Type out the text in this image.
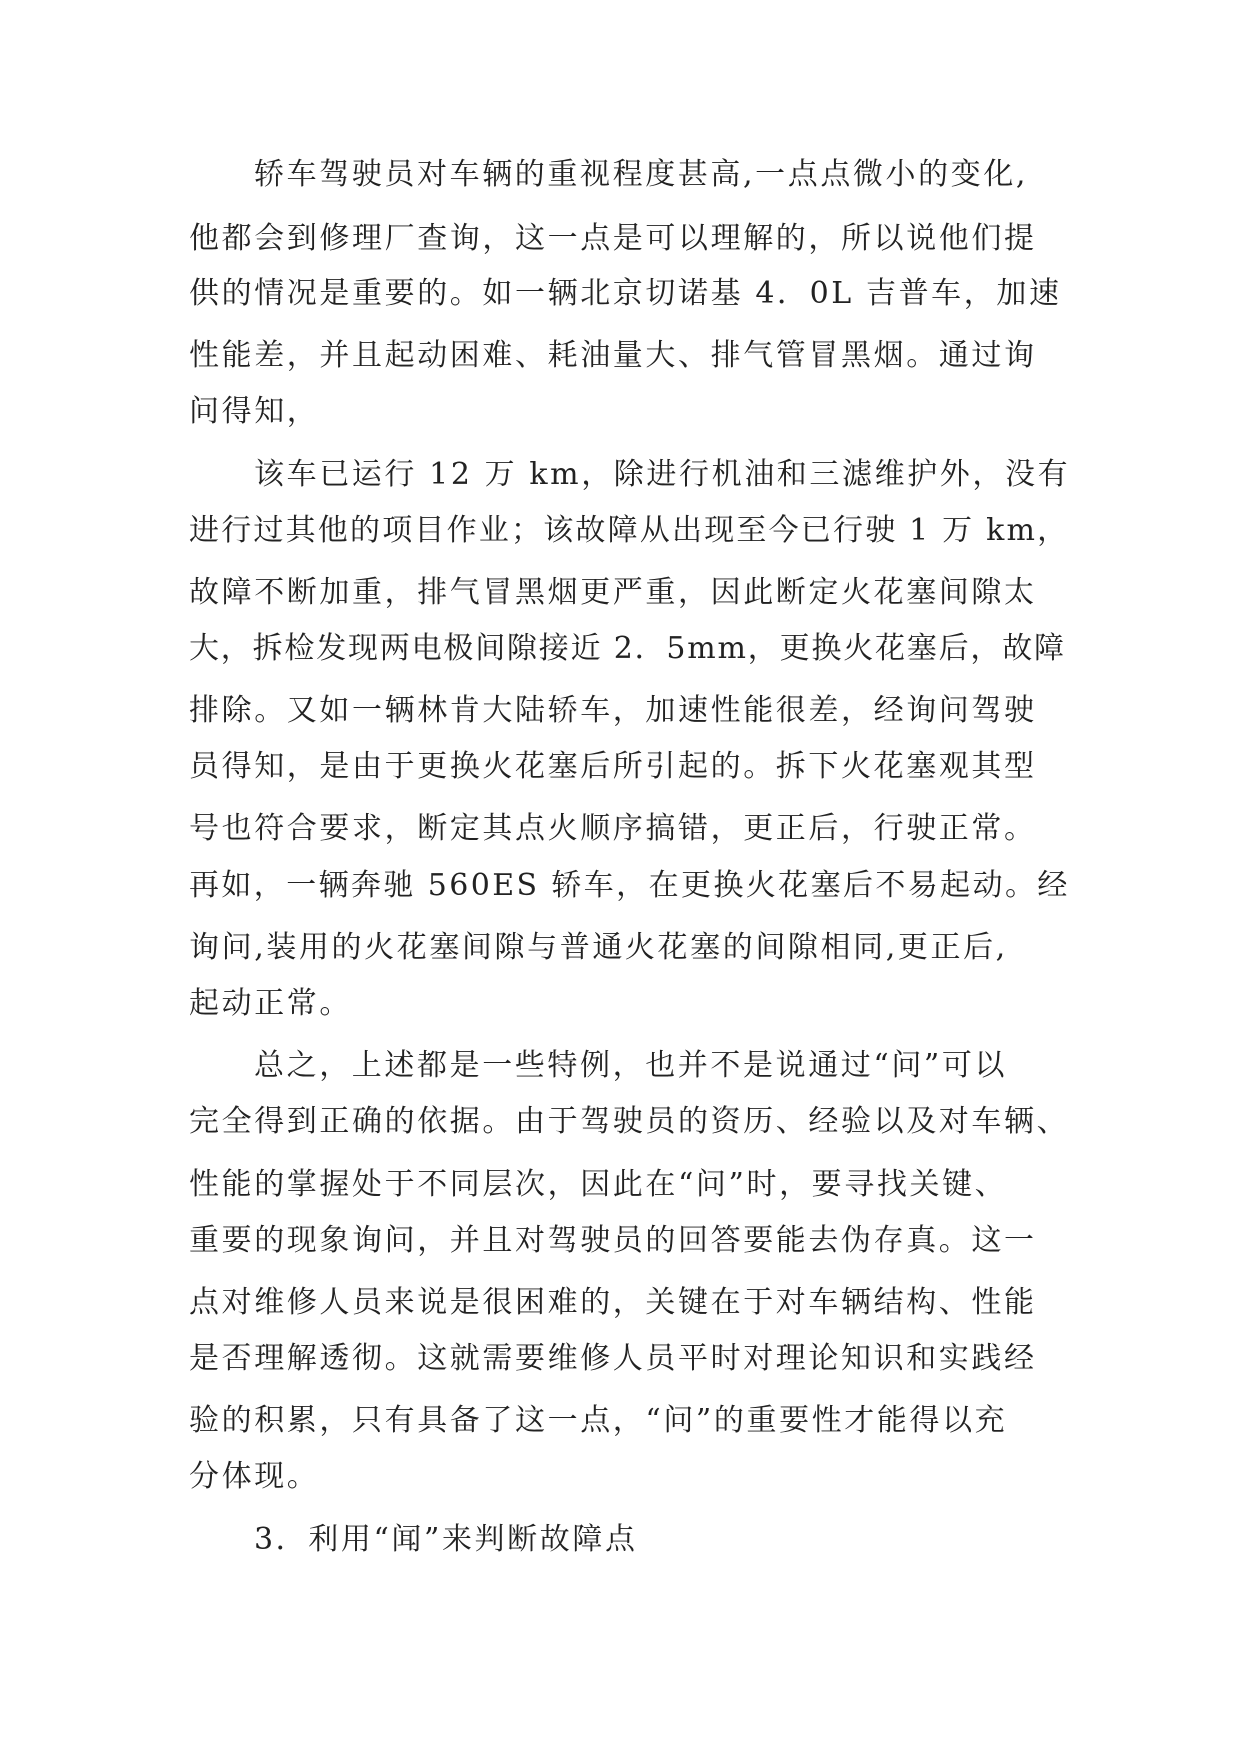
轿车驾驶员对车辆的重视程度甚高,一点点微小的变化,
他都会到修理厂查询，这一点是可以理解的，所以说他们提
供的情况是重要的。如一辆北京切诺基 4．0L 吉普车，加速
性能差，并且起动困难、耗油量大、排气管冒黑烟。通过询
问得知，
该车已运行 12 万 km，除进行机油和三滤维护外，没有
进行过其他的项目作业；该故障从出现至今已行驶 1 万 km，
故障不断加重，排气冒黑烟更严重，因此断定火花塞间隙太
大，拆检发现两电极间隙接近 2．5mm，更换火花塞后，故障
排除。又如一辆林肯大陆轿车，加速性能很差，经询问驾驶
员得知，是由于更换火花塞后所引起的。拆下火花塞观其型
号也符合要求，断定其点火顺序搞错，更正后，行驶正常。
再如，一辆奔驰 560ES 轿车，在更换火花塞后不易起动。经
询问,装用的火花塞间隙与普通火花塞的间隙相同,更正后,
起动正常。
总之，上述都是一些特例，也并不是说通过“问”可以
完全得到正确的依据。由于驾驶员的资历、经验以及对车辆、
性能的掌握处于不同层次，因此在“问”时，要寻找关键、
重要的现象询问，并且对驾驶员的回答要能去伪存真。这一
点对维修人员来说是很困难的，关键在于对车辆结构、性能
是否理解透彻。这就需要维修人员平时对理论知识和实践经
验的积累，只有具备了这一点，“问”的重要性才能得以充
分体现。
3．利用“闻”来判断故障点
